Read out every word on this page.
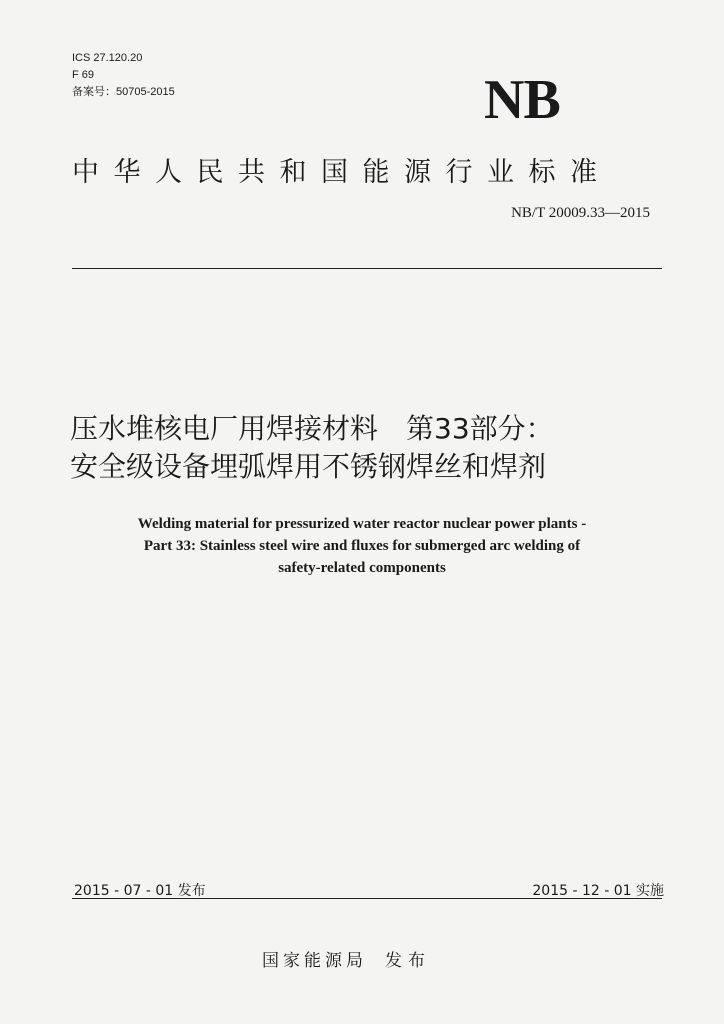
ICS 27.120.20
F 69
备案号：50705-2015	NB
中华人民共和国能源行业标准
NB/T 20009.33—2015
压水堆核电厂用焊接材料　第33部分：
安全级设备埋弧焊用不锈钢焊丝和焊剂
Welding material for pressurized water reactor nuclear power plants -
Part 33: Stainless steel wire and fluxes for submerged arc welding of
safety-related components
2015 - 07 - 01 发布	2015 - 12 - 01 实施
国家能源局 发布
